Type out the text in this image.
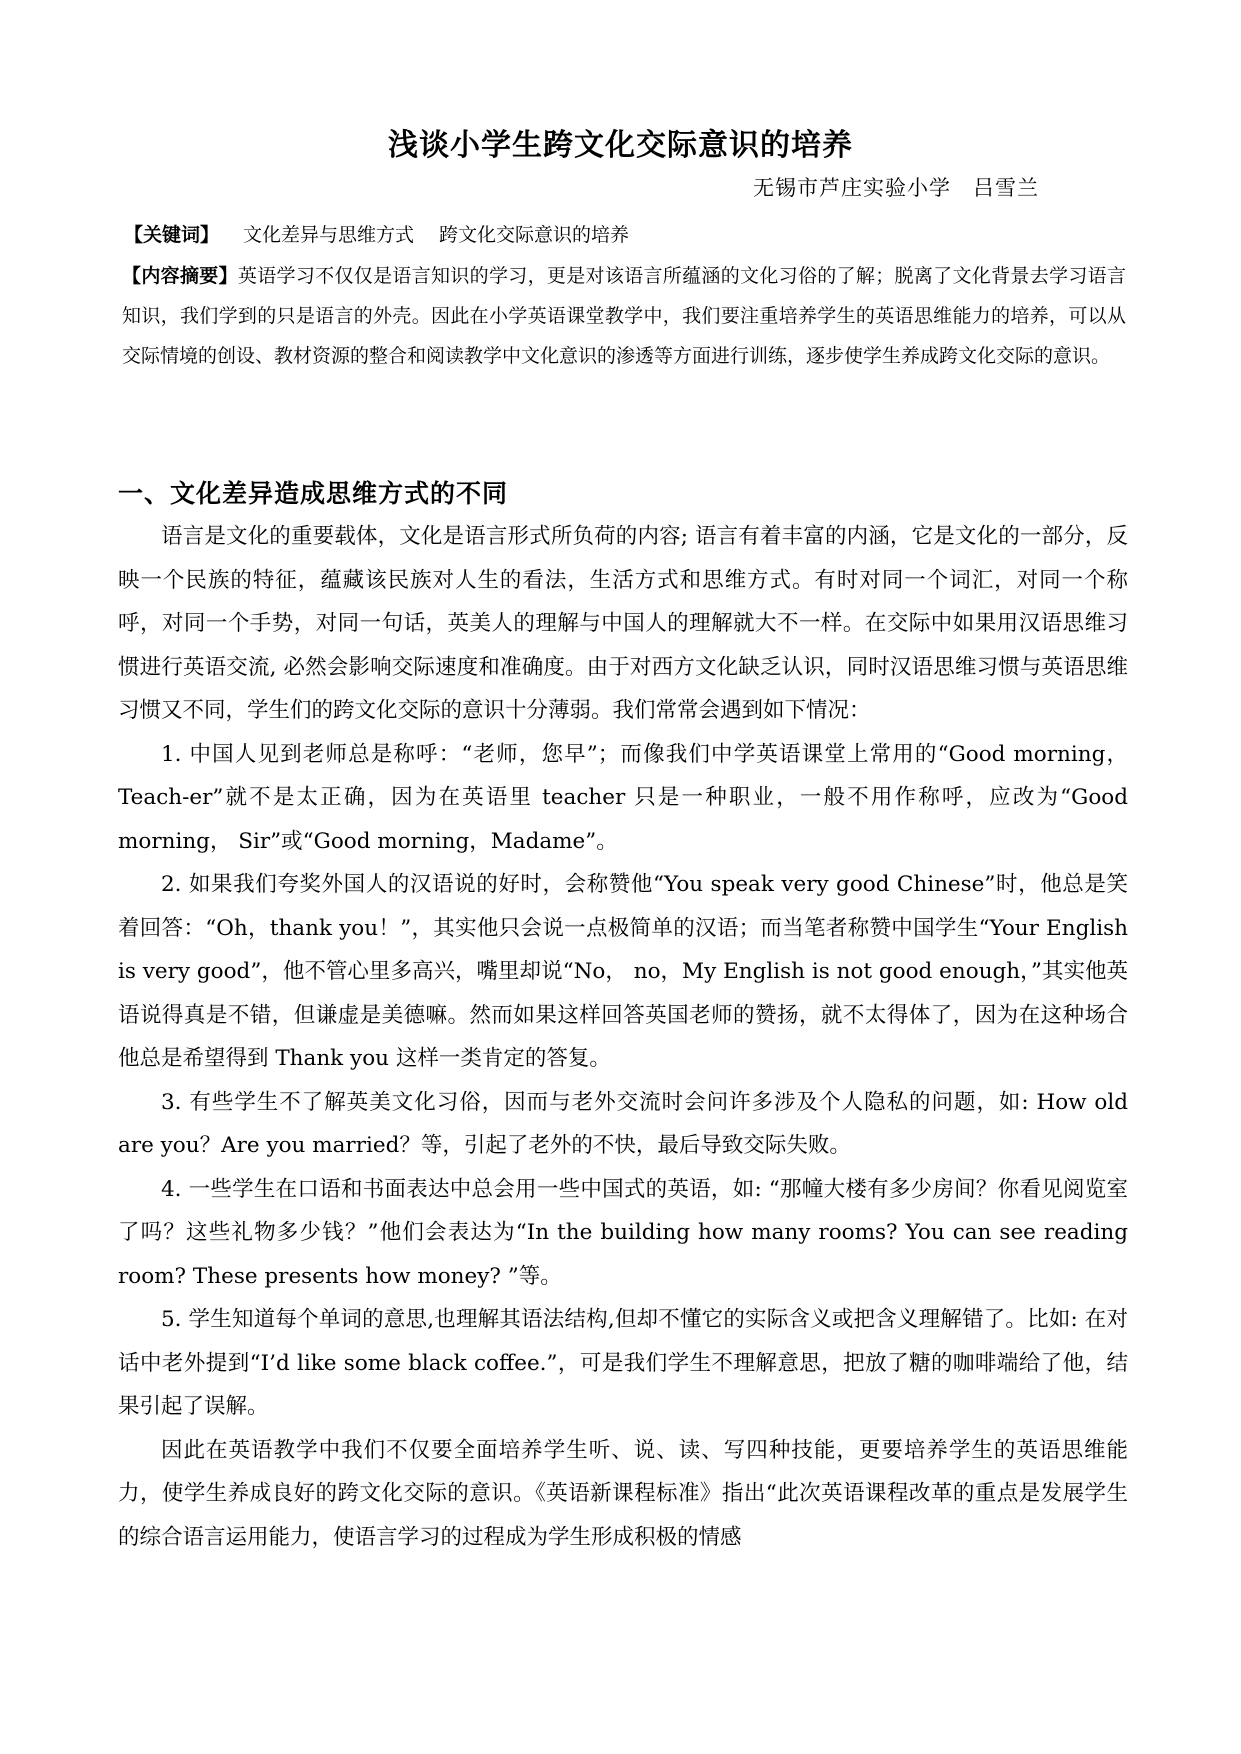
浅谈小学生跨文化交际意识的培养
无锡市芦庄实验小学　吕雪兰
【关键词】 文化差异与思维方式　 跨文化交际意识的培养
【内容摘要】英语学习不仅仅是语言知识的学习，更是对该语言所蕴涵的文化习俗的了解；脱离了文化背景去学习语言知识，我们学到的只是语言的外壳。因此在小学英语课堂教学中，我们要注重培养学生的英语思维能力的培养，可以从交际情境的创设、教材资源的整合和阅读教学中文化意识的渗透等方面进行训练，逐步使学生养成跨文化交际的意识。
一、文化差异造成思维方式的不同

语言是文化的重要载体，文化是语言形式所负荷的内容; 语言有着丰富的内涵，它是文化的一部分，反映一个民族的特征，蕴藏该民族对人生的看法，生活方式和思维方式。有时对同一个词汇，对同一个称呼，对同一个手势，对同一句话，英美人的理解与中国人的理解就大不一样。在交际中如果用汉语思维习惯进行英语交流, 必然会影响交际速度和准确度。由于对西方文化缺乏认识，同时汉语思维习惯与英语思维习惯又不同，学生们的跨文化交际的意识十分薄弱。我们常常会遇到如下情况：

1. 中国人见到老师总是称呼：“老师，您早”；而像我们中学英语课堂上常用的“Good morning， Teach-er”就不是太正确，因为在英语里 teacher 只是一种职业，一般不用作称呼，应改为“Good morning， Sir”或“Good morning，Madame”。

2. 如果我们夸奖外国人的汉语说的好时，会称赞他“You speak very good Chinese”时，他总是笑着回答：“Oh，thank you！”，其实他只会说一点极简单的汉语；而当笔者称赞中国学生“Your English is very good”，他不管心里多高兴，嘴里却说“No， no，My English is not good enough，”其实他英语说得真是不错，但谦虚是美德嘛。然而如果这样回答英国老师的赞扬，就不太得体了，因为在这种场合他总是希望得到 Thank you 这样一类肯定的答复。

3. 有些学生不了解英美文化习俗，因而与老外交流时会问许多涉及个人隐私的问题，如: How old are you？Are you married？等，引起了老外的不快，最后导致交际失败。

4. 一些学生在口语和书面表达中总会用一些中国式的英语，如: “那幢大楼有多少房间？你看见阅览室了吗？这些礼物多少钱？”他们会表达为“In the building how many rooms? You can see reading room? These presents how money? ”等。

5. 学生知道每个单词的意思,也理解其语法结构,但却不懂它的实际含义或把含义理解错了。比如: 在对话中老外提到“I’d like some black coffee.”，可是我们学生不理解意思，把放了糖的咖啡端给了他，结果引起了误解。

因此在英语教学中我们不仅要全面培养学生听、说、读、写四种技能，更要培养学生的英语思维能力，使学生养成良好的跨文化交际的意识。《英语新课程标准》指出“此次英语课程改革的重点是发展学生的综合语言运用能力，使语言学习的过程成为学生形成积极的情感
